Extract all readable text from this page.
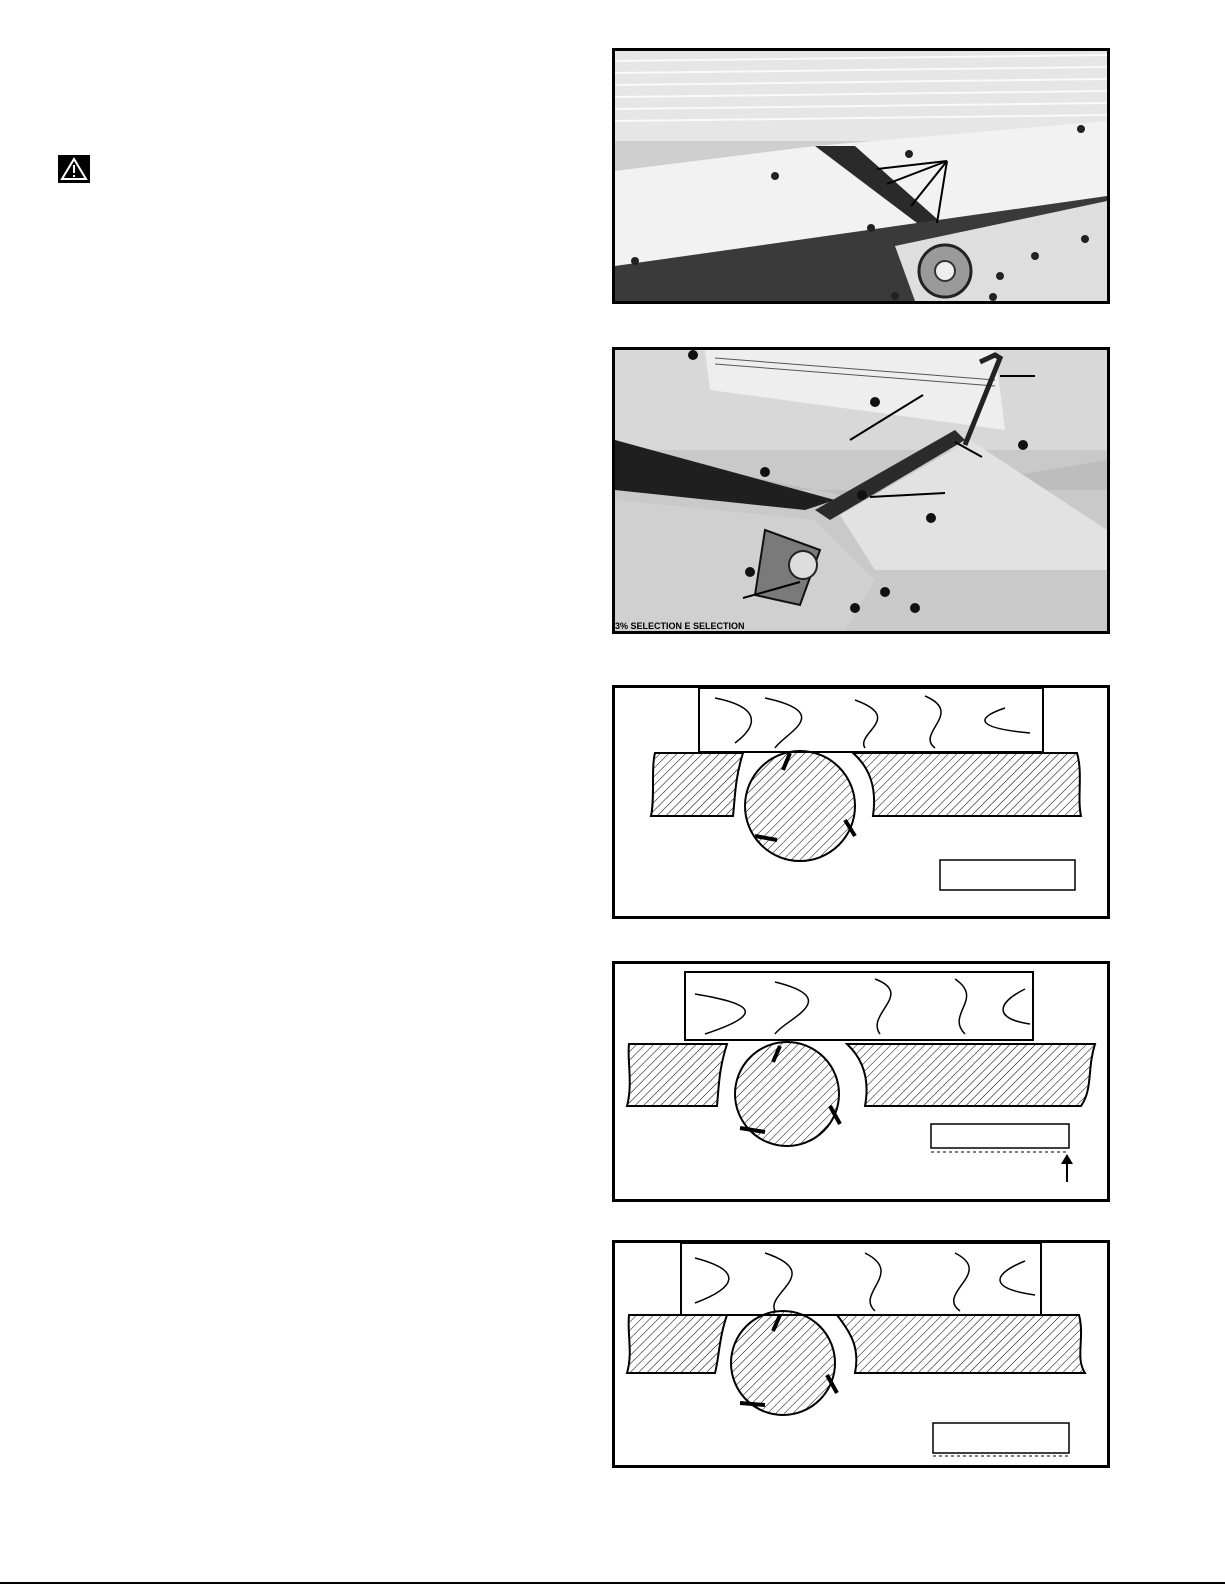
3% SELECTION E SELECTION
